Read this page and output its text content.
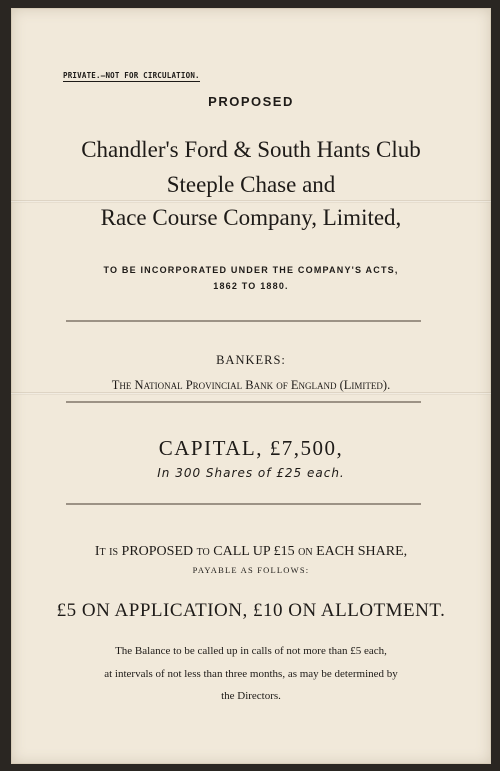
PRIVATE.–NOT FOR CIRCULATION.
PROPOSED
Chandler's Ford & South Hants Club
Steeple Chase and
Race Course Company, Limited,
TO BE INCORPORATED UNDER THE COMPANY'S ACTS,
1862 TO 1880.
BANKERS:
The National Provincial Bank of England (Limited).
CAPITAL, £7,500,
In 300 Shares of £25 each.
It is PROPOSED to CALL UP £15 on EACH SHARE,
PAYABLE AS FOLLOWS:
£5 ON APPLICATION, £10 ON ALLOTMENT.
The Balance to be called up in calls of not more than £5 each,
at intervals of not less than three months, as may be determined by
the Directors.
